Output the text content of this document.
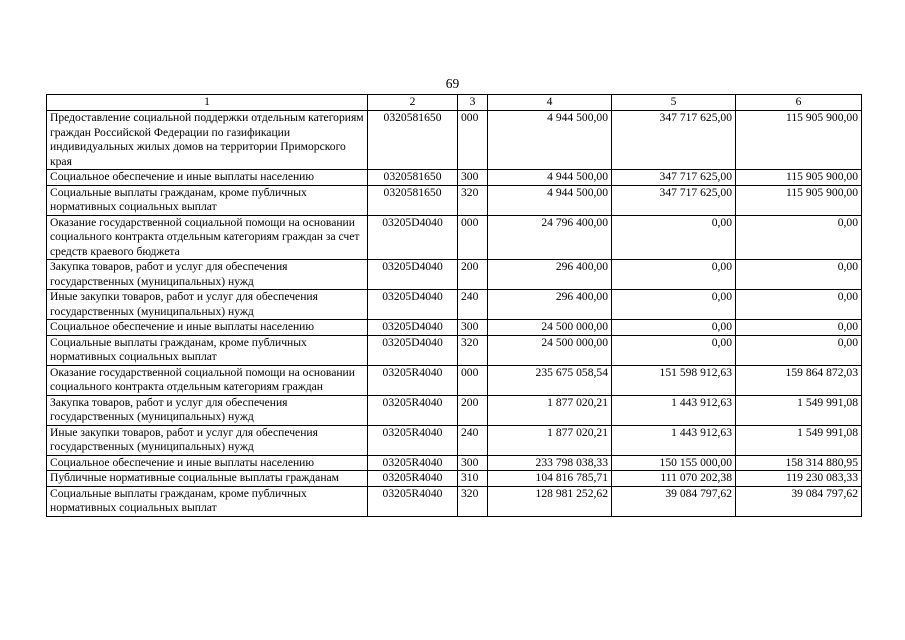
69
1	2	3	4	5	6
Предоставление социальной поддержки отдельным категориям граждан Российской Федерации по газификации индивидуальных жилых домов на территории Приморского края	0320581650	000	4 944 500,00	347 717 625,00	115 905 900,00
Социальное обеспечение и иные выплаты населению	0320581650	300	4 944 500,00	347 717 625,00	115 905 900,00
Социальные выплаты гражданам, кроме публичных нормативных социальных выплат	0320581650	320	4 944 500,00	347 717 625,00	115 905 900,00
Оказание государственной социальной помощи на основании социального контракта отдельным категориям граждан за счет средств краевого бюджета	03205D4040	000	24 796 400,00	0,00	0,00
Закупка товаров, работ и услуг для обеспечения государственных (муниципальных) нужд	03205D4040	200	296 400,00	0,00	0,00
Иные закупки товаров, работ и услуг для обеспечения государственных (муниципальных) нужд	03205D4040	240	296 400,00	0,00	0,00
Социальное обеспечение и иные выплаты населению	03205D4040	300	24 500 000,00	0,00	0,00
Социальные выплаты гражданам, кроме публичных нормативных социальных выплат	03205D4040	320	24 500 000,00	0,00	0,00
Оказание государственной социальной помощи на основании социального контракта отдельным категориям граждан	03205R4040	000	235 675 058,54	151 598 912,63	159 864 872,03
Закупка товаров, работ и услуг для обеспечения государственных (муниципальных) нужд	03205R4040	200	1 877 020,21	1 443 912,63	1 549 991,08
Иные закупки товаров, работ и услуг для обеспечения государственных (муниципальных) нужд	03205R4040	240	1 877 020,21	1 443 912,63	1 549 991,08
Социальное обеспечение и иные выплаты населению	03205R4040	300	233 798 038,33	150 155 000,00	158 314 880,95
Публичные нормативные социальные выплаты гражданам	03205R4040	310	104 816 785,71	111 070 202,38	119 230 083,33
Социальные выплаты гражданам, кроме публичных нормативных социальных выплат	03205R4040	320	128 981 252,62	39 084 797,62	39 084 797,62
